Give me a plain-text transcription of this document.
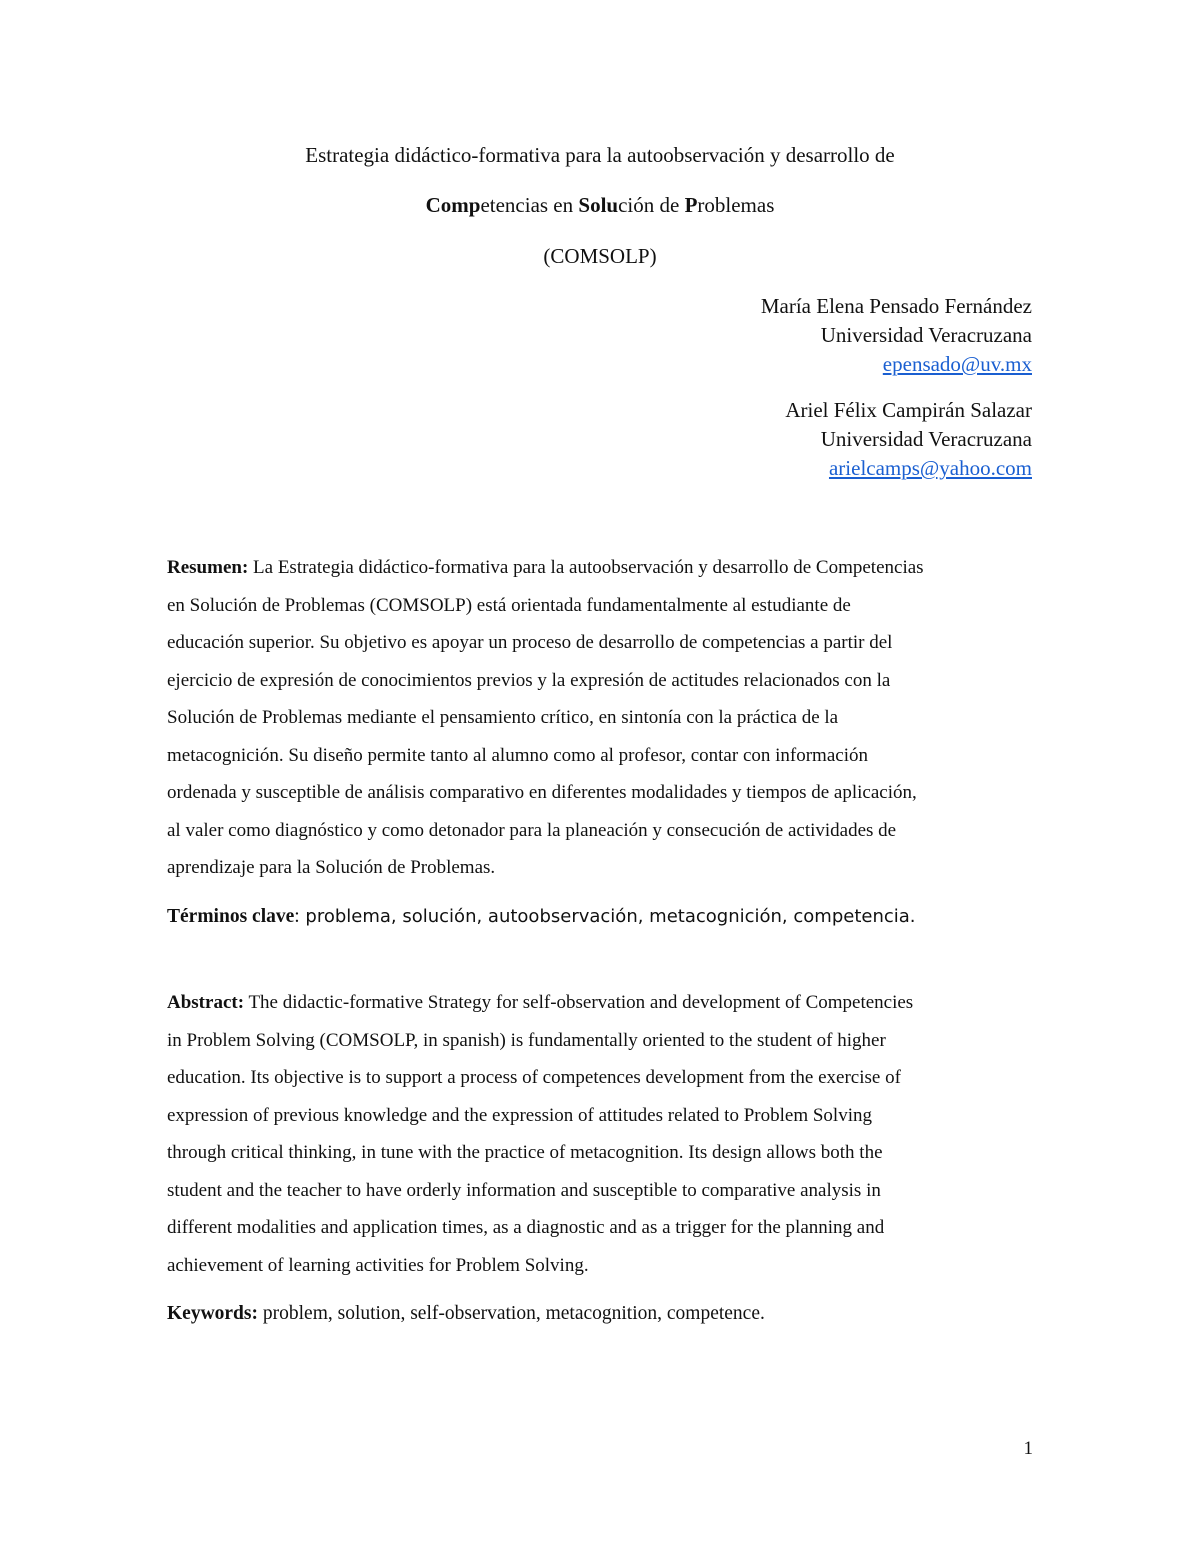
Estrategia didáctico-formativa para la autoobservación y desarrollo de
Competencias en Solución de Problemas
(COMSOLP)
María Elena Pensado Fernández
Universidad Veracruzana
epensado@uv.mx
Ariel Félix Campirán Salazar
Universidad Veracruzana
arielcamps@yahoo.com
Resumen: La Estrategia didáctico-formativa para la autoobservación y desarrollo de Competencias
en Solución de Problemas (COMSOLP) está orientada fundamentalmente al estudiante de
educación superior. Su objetivo es apoyar un proceso de desarrollo de competencias a partir del
ejercicio de expresión de conocimientos previos y la expresión de actitudes relacionados con la
Solución de Problemas mediante el pensamiento crítico, en sintonía con la práctica de la
metacognición. Su diseño permite tanto al alumno como al profesor, contar con información
ordenada y susceptible de análisis comparativo en diferentes modalidades y tiempos de aplicación,
al valer como diagnóstico y como detonador para la planeación y consecución de actividades de
aprendizaje para la Solución de Problemas.
Términos clave: problema, solución, autoobservación, metacognición, competencia.
Abstract: The didactic-formative Strategy for self-observation and development of Competencies
in Problem Solving (COMSOLP, in spanish) is fundamentally oriented to the student of higher
education. Its objective is to support a process of competences development from the exercise of
expression of previous knowledge and the expression of attitudes related to Problem Solving
through critical thinking, in tune with the practice of metacognition. Its design allows both the
student and the teacher to have orderly information and susceptible to comparative analysis in
different modalities and application times, as a diagnostic and as a trigger for the planning and
achievement of learning activities for Problem Solving.
Keywords: problem, solution, self-observation, metacognition, competence.
1
